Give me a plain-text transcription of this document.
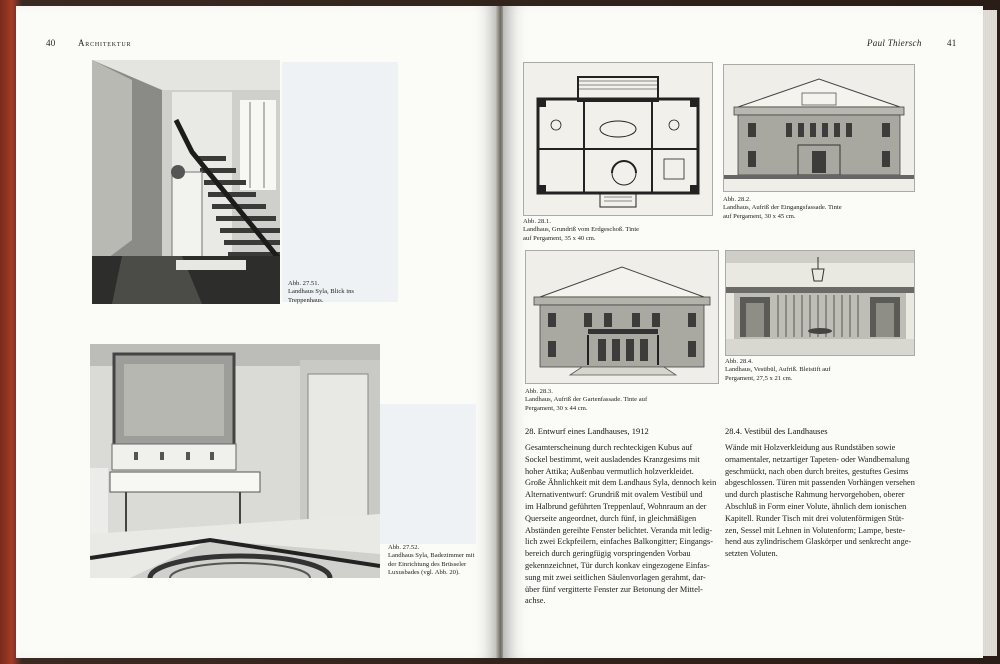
40 Architektur
Abb. 27.51.
Landhaus Syla, Blick ins
Treppenhaus.
Abb. 27.52.
Landhaus Syla, Badezimmer mit
der Einrichtung des Brüsseler
Luxusbades (vgl. Abb. 20).
Paul Thiersch	41
Abb. 28.1.
Landhaus, Grundriß vom Erdgeschoß. Tinte
auf Pergament, 35 x 40 cm.
Abb. 28.2.
Landhaus, Aufriß der Eingangsfassade. Tinte
auf Pergament, 30 x 45 cm.
Abb. 28.3.
Landhaus, Aufriß der Gartenfassade. Tinte auf
Pergament, 30 x 44 cm.
Abb. 28.4.
Landhaus, Vestibül, Aufriß. Bleistift auf
Pergament, 27,5 x 21 cm.
28. Entwurf eines Landhauses, 1912
Gesamterscheinung durch rechteckigen Kubus auf
Sockel bestimmt, weit ausladendes Kranzgesims mit
hoher Attika; Außenbau vermutlich holzverkleidet.
Große Ähnlichkeit mit dem Landhaus Syla, dennoch kein
Alternativentwurf: Grundriß mit ovalem Vestibül und
im Halbrund geführten Treppenlauf, Wohnraum an der
Querseite angeordnet, durch fünf, in gleichmäßigen
Abständen gereihte Fenster belichtet. Veranda mit ledig-
lich zwei Eckpfeilern, einfaches Balkongitter; Eingangs-
bereich durch geringfügig vorspringenden Vorbau
gekennzeichnet, Tür durch konkav eingezogene Einfas-
sung mit zwei seitlichen Säulenvorlagen gerahmt, dar-
über fünf vergitterte Fenster zur Betonung der Mittel-
achse.
28.4. Vestibül des Landhauses
Wände mit Holzverkleidung aus Rundstäben sowie
ornamentaler, netzartiger Tapeten- oder Wandbemalung
geschmückt, nach oben durch breites, gestuftes Gesims
abgeschlossen. Türen mit passenden Vorhängen versehen
und durch plastische Rahmung hervorgehoben, oberer
Abschluß in Form einer Volute, ähnlich dem ionischen
Kapitell. Runder Tisch mit drei volutenförmigen Stüt-
zen, Sessel mit Lehnen in Volutenform; Lampe, beste-
hend aus zylindrischem Glaskörper und senkrecht ange-
setzten Voluten.
